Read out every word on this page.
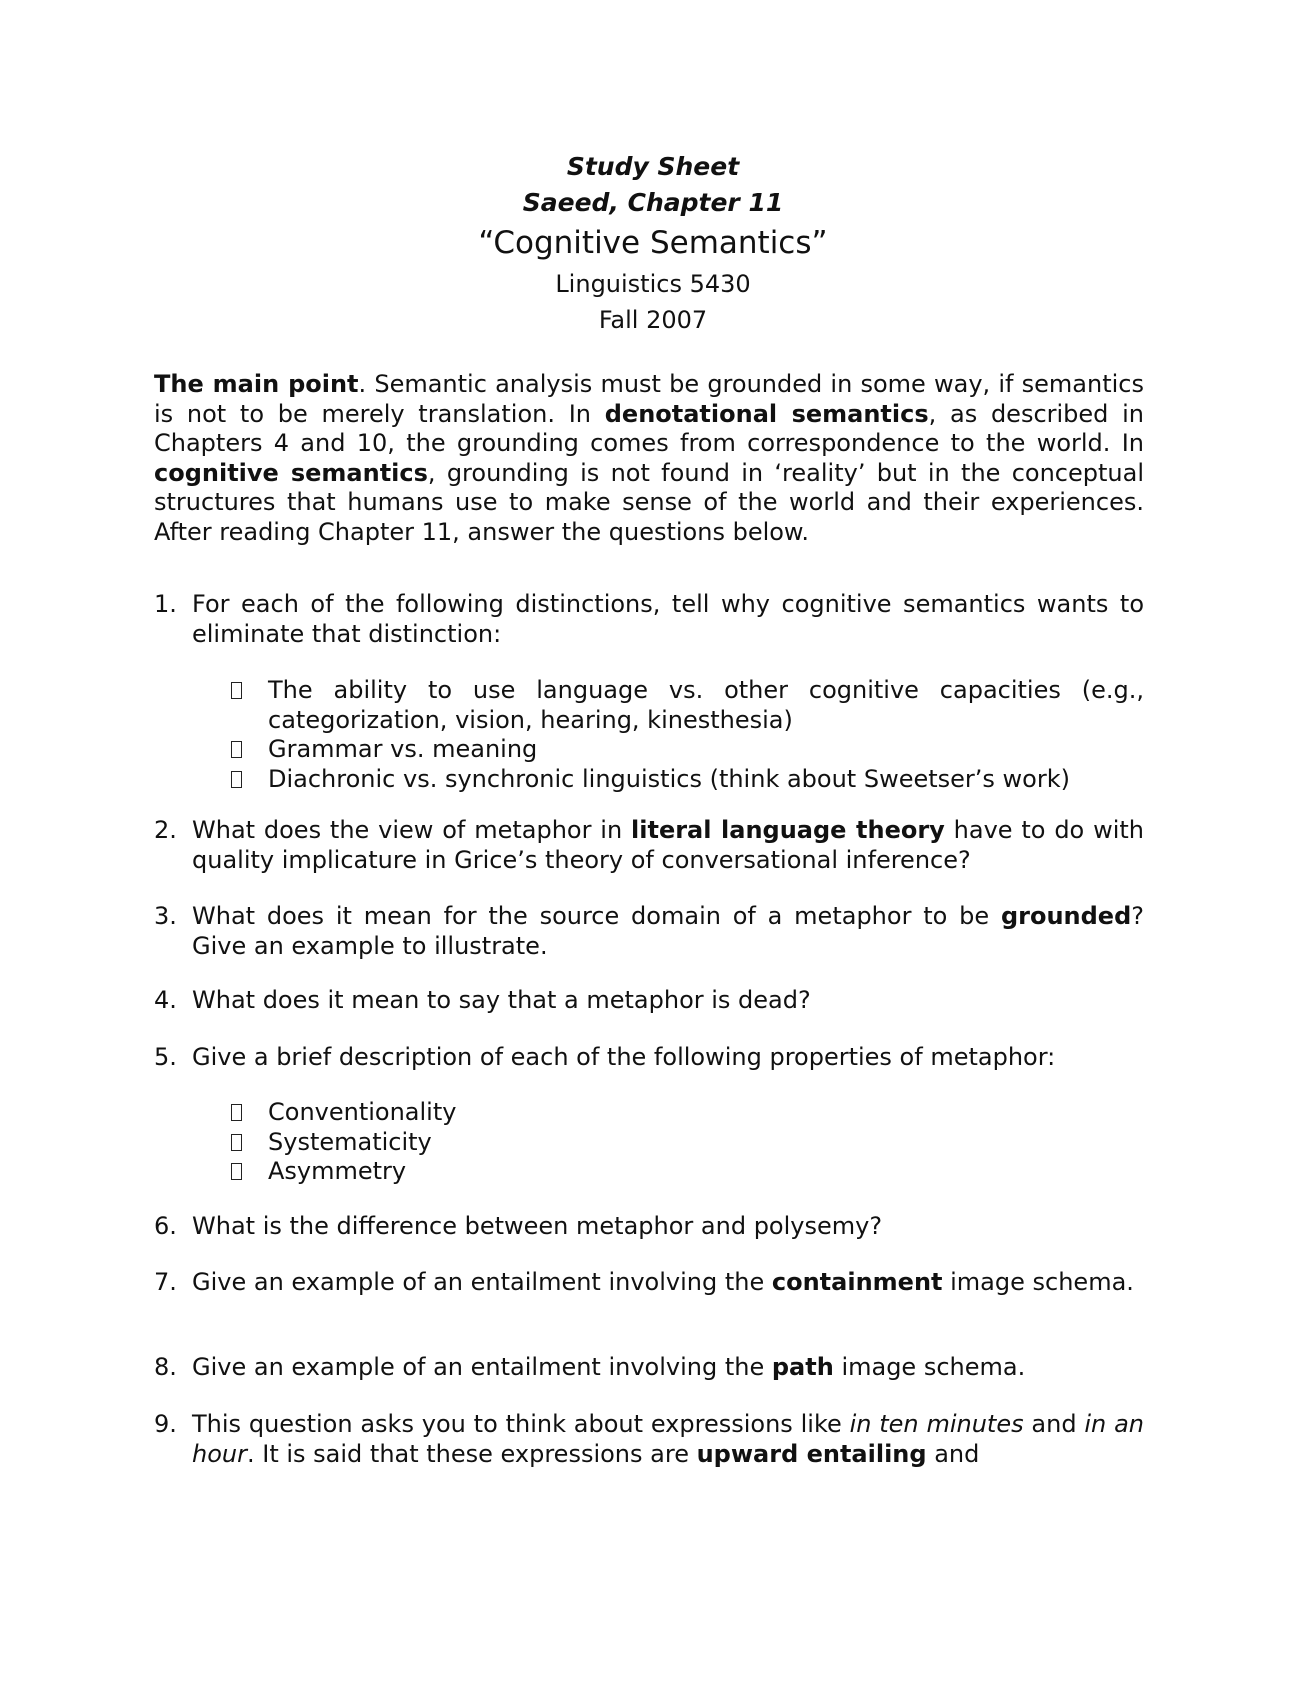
Study Sheet
Saeed, Chapter 11
“Cognitive Semantics”
Linguistics 5430
Fall 2007
The main point. Semantic analysis must be grounded in some way, if semantics is not to be merely translation. In denotational semantics, as described in Chapters 4 and 10, the grounding comes from correspondence to the world. In cognitive semantics, grounding is not found in ‘reality’ but in the conceptual structures that humans use to make sense of the world and their experiences. After reading Chapter 11, answer the questions below.
1. For each of the following distinctions, tell why cognitive semantics wants to eliminate that distinction:
The ability to use language vs. other cognitive capacities (e.g., categorization, vision, hearing, kinesthesia)
Grammar vs. meaning
Diachronic vs. synchronic linguistics (think about Sweetser’s work)
2. What does the view of metaphor in literal language theory have to do with quality implicature in Grice’s theory of conversational inference?
3. What does it mean for the source domain of a metaphor to be grounded? Give an example to illustrate.
4. What does it mean to say that a metaphor is dead?
5. Give a brief description of each of the following properties of metaphor:
Conventionality
Systematicity
Asymmetry
6. What is the difference between metaphor and polysemy?
7. Give an example of an entailment involving the containment image schema.
8. Give an example of an entailment involving the path image schema.
9. This question asks you to think about expressions like in ten minutes and in an hour. It is said that these expressions are upward entailing and
